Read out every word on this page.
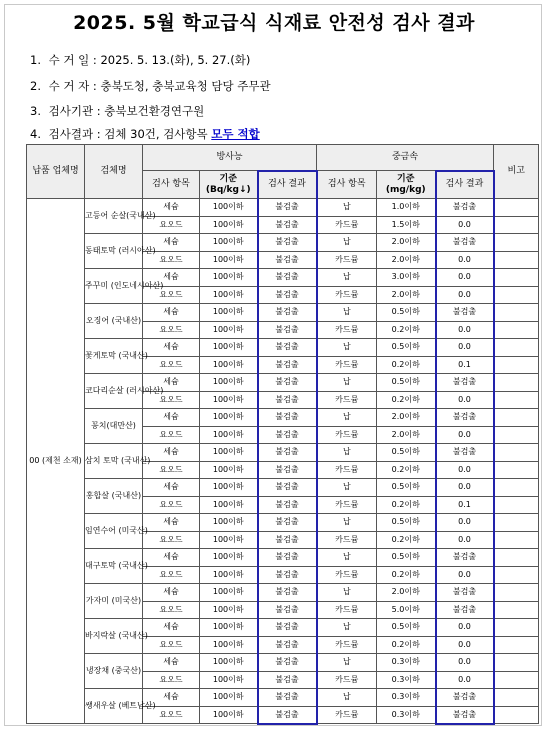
2025. 5월 학교급식 식재료 안전성 검사 결과
1. 수 거 일 : 2025. 5. 13.(화), 5. 27.(화)
2. 수 거 자 : 충북도청, 충북교육청 담당 주무관
3. 검사기관 : 충북보건환경연구원
4. 검사결과 : 검체 30건, 검사항목 모두 적합
납품 업체명	검체명	방사능			중금속			비고
		검사 항목	기준 (Bq/kg↓)	검사 결과	검사 항목	기준 (mg/kg)	검사 결과	
00 (제천 소재)	고등어 순살(국내산)	세슘	100이하	불검출	납	1.0이하	불검출	
		요오드	100이하	불검출	카드뮴	1.5이하	0.0	
	동태토막 (러시아산)	세슘	100이하	불검출	납	2.0이하	불검출	
		요오드	100이하	불검출	카드뮴	2.0이하	0.0	
	주꾸미 (인도네시아산)	세슘	100이하	불검출	납	3.0이하	0.0	
		요오드	100이하	불검출	카드뮴	2.0이하	0.0	
	오징어 (국내산)	세슘	100이하	불검출	납	0.5이하	불검출	
		요오드	100이하	불검출	카드뮴	0.2이하	0.0	
	꽃게토막 (국내산)	세슘	100이하	불검출	납	0.5이하	0.0	
		요오드	100이하	불검출	카드뮴	0.2이하	0.1	
	코다리순살 (러시아산)	세슘	100이하	불검출	납	0.5이하	불검출	
		요오드	100이하	불검출	카드뮴	0.2이하	0.0	
	꽁치(대만산)	세슘	100이하	불검출	납	2.0이하	불검출	
		요오드	100이하	불검출	카드뮴	2.0이하	0.0	
	삼치 토막 (국내산)	세슘	100이하	불검출	납	0.5이하	불검출	
		요오드	100이하	불검출	카드뮴	0.2이하	0.0	
	홍합살 (국내산)	세슘	100이하	불검출	납	0.5이하	0.0	
		요오드	100이하	불검출	카드뮴	0.2이하	0.1	
	임연수어 (미국산)	세슘	100이하	불검출	납	0.5이하	0.0	
		요오드	100이하	불검출	카드뮴	0.2이하	0.0	
	대구토막 (국내산)	세슘	100이하	불검출	납	0.5이하	불검출	
		요오드	100이하	불검출	카드뮴	0.2이하	0.0	
	가자미 (미국산)	세슘	100이하	불검출	납	2.0이하	불검출	
		요오드	100이하	불검출	카드뮴	5.0이하	불검출	
	바지락살 (국내산)	세슘	100이하	불검출	납	0.5이하	0.0	
		요오드	100이하	불검출	카드뮴	0.2이하	0.0	
	냉장채 (중국산)	세슘	100이하	불검출	납	0.3이하	0.0	
		요오드	100이하	불검출	카드뮴	0.3이하	0.0	
	쌩새우살 (베트남산)	세슘	100이하	불검출	납	0.3이하	불검출	
		요오드	100이하	불검출	카드뮴	0.3이하	불검출	
